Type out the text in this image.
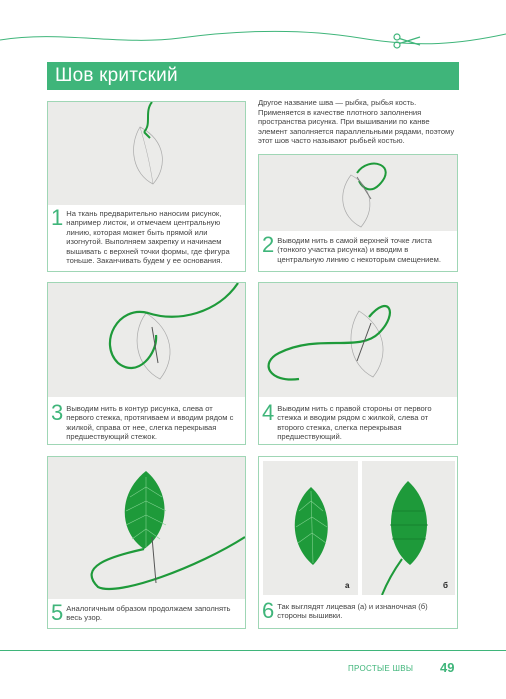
Шов критский
Другое название шва — рыбка, рыбья кость. Применяется в качестве плотного заполнения пространства рисунка. При вышивании по канве элемент заполняется параллельными рядами, поэтому этот шов часто называют рыбьей костью.
1 На ткань предварительно наносим рисунок, например листок, и отмечаем центральную линию, которая может быть прямой или изогнутой. Выполняем закрепку и начинаем вышивать с верхней точки формы, где фигура тоньше. Заканчивать будем у ее основания.
2 Выводим нить в самой верхней точке листа (тонкого участка рисунка) и вводим в центральную линию с некоторым смещением.
3 Выводим нить в контур рисунка, слева от первого стежка, протягиваем и вводим рядом с жилкой, справа от нее, слегка перекрывая предшествующий стежок.
4 Выводим нить с правой стороны от первого стежка и вводим рядом с жилкой, слева от второго стежка, слегка перекрывая предшествующий.
5 Аналогичным образом продолжаем заполнять весь узор.
а	б
6 Так выглядят лицевая (а) и изнаночная (б) стороны вышивки.
ПРОСТЫЕ ШВЫ 49
